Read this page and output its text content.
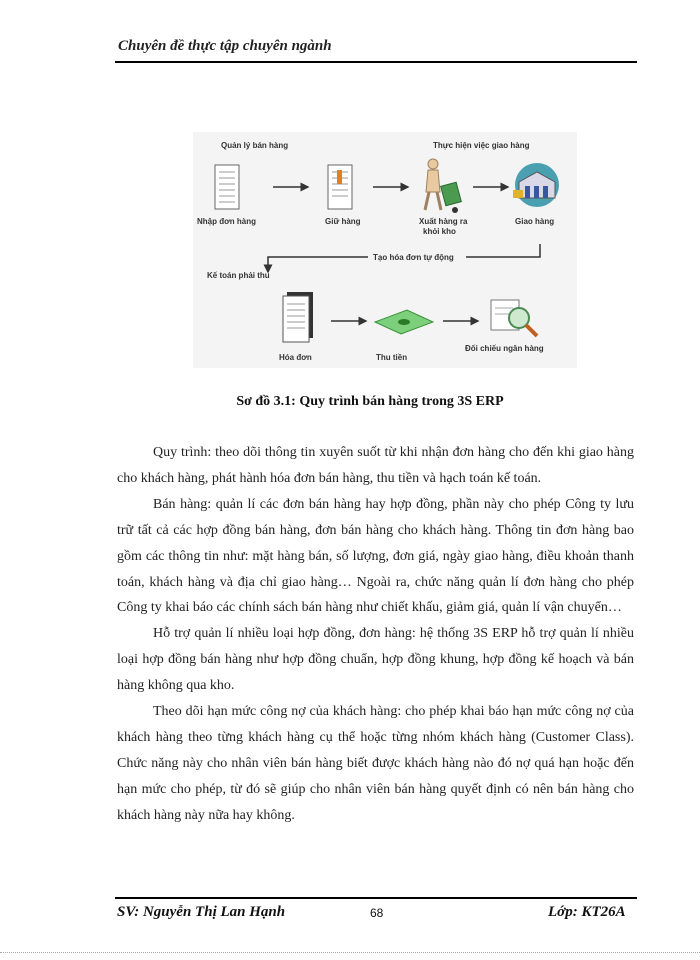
Chuyên đề thực tập chuyên ngành
Quản lý bán hàng	Thực hiện việc giao hàng
Nhập đơn hàng	Giữ hàng	Xuất hàng ra
khỏi kho
Giao hàng
Tạo hóa đơn tự động
Kế toán phải thu
Hóa đơn	Thu tiền
Đối chiếu ngân hàng
Sơ đồ 3.1: Quy trình bán hàng trong 3S ERP

Quy trình: theo dõi thông tin xuyên suốt từ khi nhận đơn hàng cho đến khi giao hàng cho khách hàng, phát hành hóa đơn bán hàng, thu tiền và hạch toán kế toán.

Bán hàng: quản lí các đơn bán hàng hay hợp đồng, phần này cho phép Công ty lưu trữ tất cả các hợp đồng bán hàng, đơn bán hàng cho khách hàng. Thông tin đơn hàng bao gồm các thông tin như: mặt hàng bán, số lượng, đơn giá, ngày giao hàng, điều khoản thanh toán, khách hàng và địa chỉ giao hàng… Ngoài ra, chức năng quản lí đơn hàng cho phép Công ty khai báo các chính sách bán hàng như chiết khấu, giảm giá, quản lí vận chuyển…

Hỗ trợ quản lí nhiều loại hợp đồng, đơn hàng: hệ thống 3S ERP hỗ trợ quản lí nhiều loại hợp đồng bán hàng như hợp đồng chuẩn, hợp đồng khung, hợp đồng kế hoạch và bán hàng không qua kho.

Theo dõi hạn mức công nợ của khách hàng: cho phép khai báo hạn mức công nợ của khách hàng theo từng khách hàng cụ thể hoặc từng nhóm khách hàng (Customer Class). Chức năng này cho nhân viên bán hàng biết được khách hàng nào đó nợ quá hạn hoặc đến hạn mức cho phép, từ đó sẽ giúp cho nhân viên bán hàng quyết định có nên bán hàng cho khách hàng này nữa hay không.

SV: Nguyễn Thị Lan Hạnh	68	Lớp: KT26A
